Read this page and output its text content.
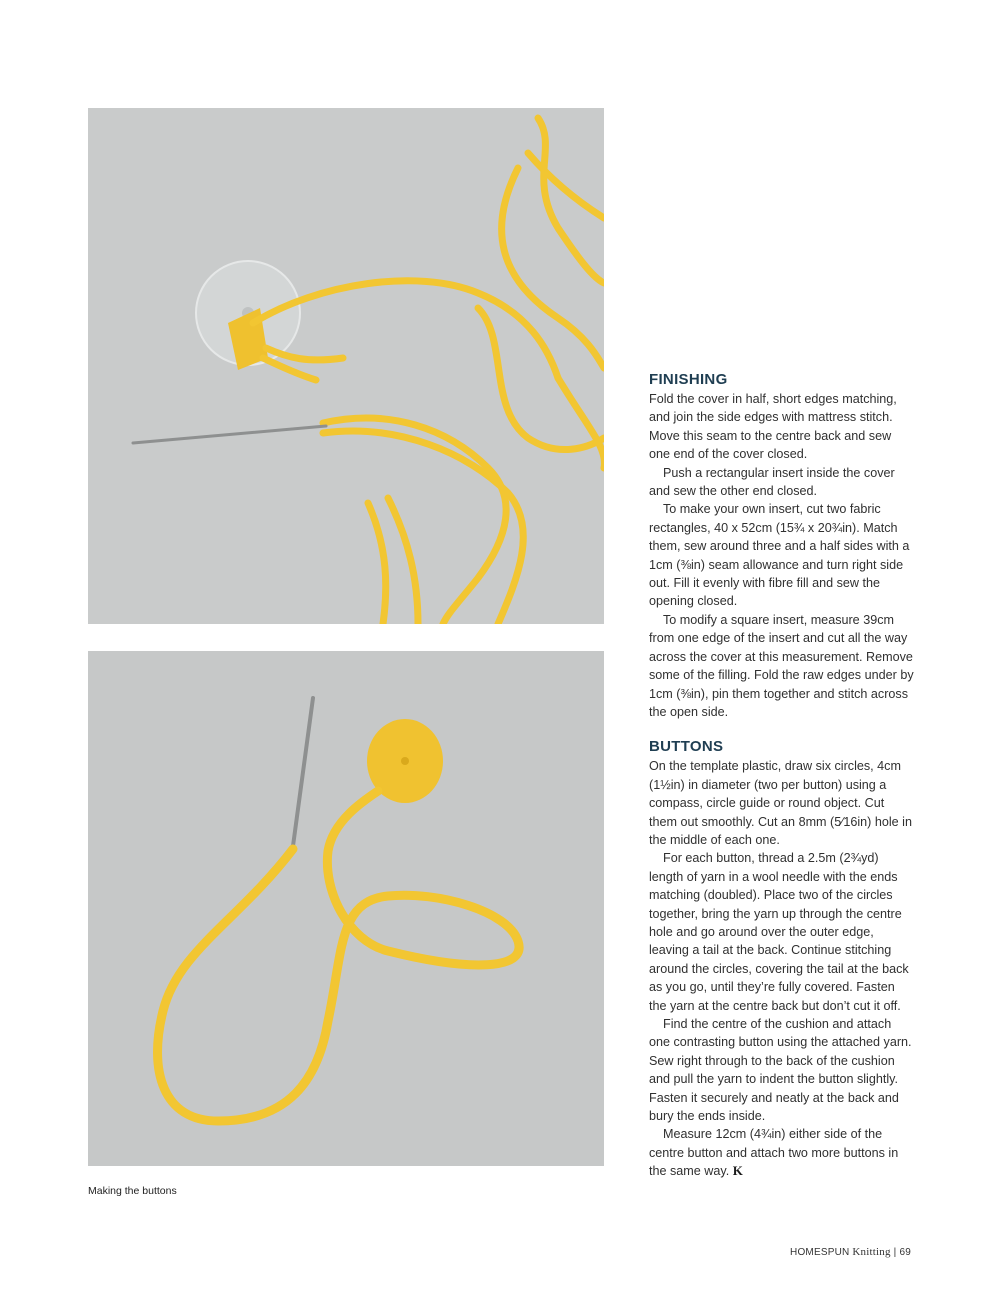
Making the buttons
FINISHING

Fold the cover in half, short edges matching, and join the side edges with mattress stitch. Move this seam to the centre back and sew one end of the cover closed.

Push a rectangular insert inside the cover and sew the other end closed.

To make your own insert, cut two fabric rectangles, 40 x 52cm (15¾ x 20¾in). Match them, sew around three and a half sides with a 1cm (⅜in) seam allowance and turn right side out. Fill it evenly with fibre fill and sew the opening closed.

To modify a square insert, measure 39cm from one edge of the insert and cut all the way across the cover at this measurement. Remove some of the filling. Fold the raw edges under by 1cm (⅜in), pin them together and stitch across the open side.

BUTTONS

On the template plastic, draw six circles, 4cm (1½in) in diameter (two per button) using a compass, circle guide or round object. Cut them out smoothly. Cut an 8mm (5⁄16in) hole in the middle of each one.

For each button, thread a 2.5m (2¾yd) length of yarn in a wool needle with the ends matching (doubled). Place two of the circles together, bring the yarn up through the centre hole and go around over the outer edge, leaving a tail at the back. Continue stitching around the circles, covering the tail at the back as you go, until they’re fully covered. Fasten the yarn at the centre back but don’t cut it off.

Find the centre of the cushion and attach one contrasting button using the attached yarn. Sew right through to the back of the cushion and pull the yarn to indent the button slightly. Fasten it securely and neatly at the back and bury the ends inside.

Measure 12cm (4¾in) either side of the centre button and attach two more buttons in the same way. K

HOMESPUN Knitting | 69
